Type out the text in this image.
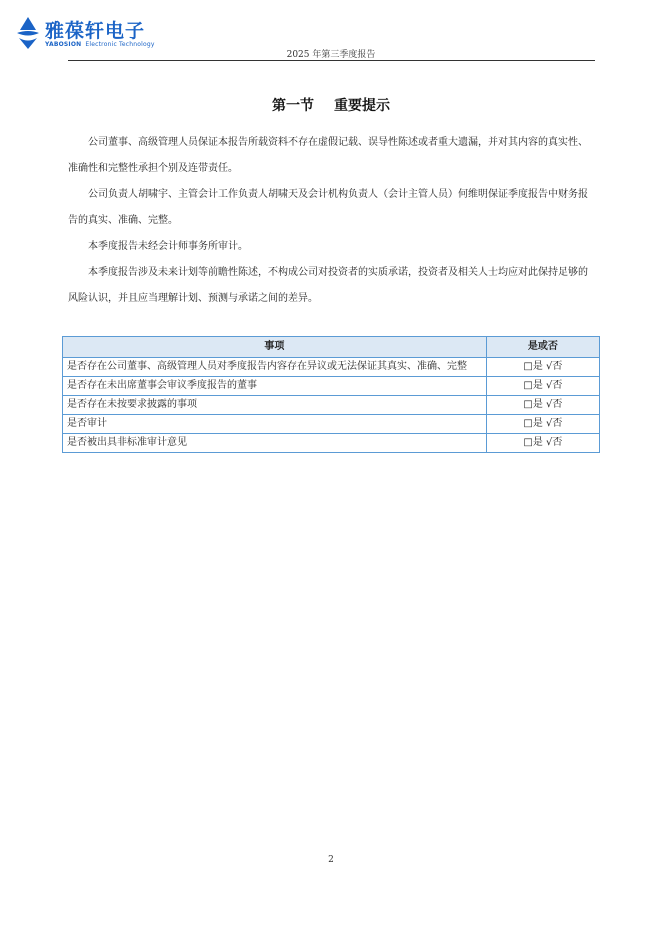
雅葆轩电子
YABOSION Electronic Technology
2025 年第三季度报告
第一节 重要提示

公司董事、高级管理人员保证本报告所载资料不存在虚假记载、误导性陈述或者重大遗漏，并对其内容的真实性、准确性和完整性承担个别及连带责任。

公司负责人胡啸宇、主管会计工作负责人胡啸天及会计机构负责人（会计主管人员）何维明保证季度报告中财务报告的真实、准确、完整。

本季度报告未经会计师事务所审计。

本季度报告涉及未来计划等前瞻性陈述，不构成公司对投资者的实质承诺，投资者及相关人士均应对此保持足够的风险认识，并且应当理解计划、预测与承诺之间的差异。

事项	是或否
是否存在公司董事、高级管理人员对季度报告内容存在异议或无法保证其真实、准确、完整	□是 √否
是否存在未出席董事会审议季度报告的董事	□是 √否
是否存在未按要求披露的事项	□是 √否
是否审计	□是 √否
是否被出具非标准审计意见	□是 √否
2
